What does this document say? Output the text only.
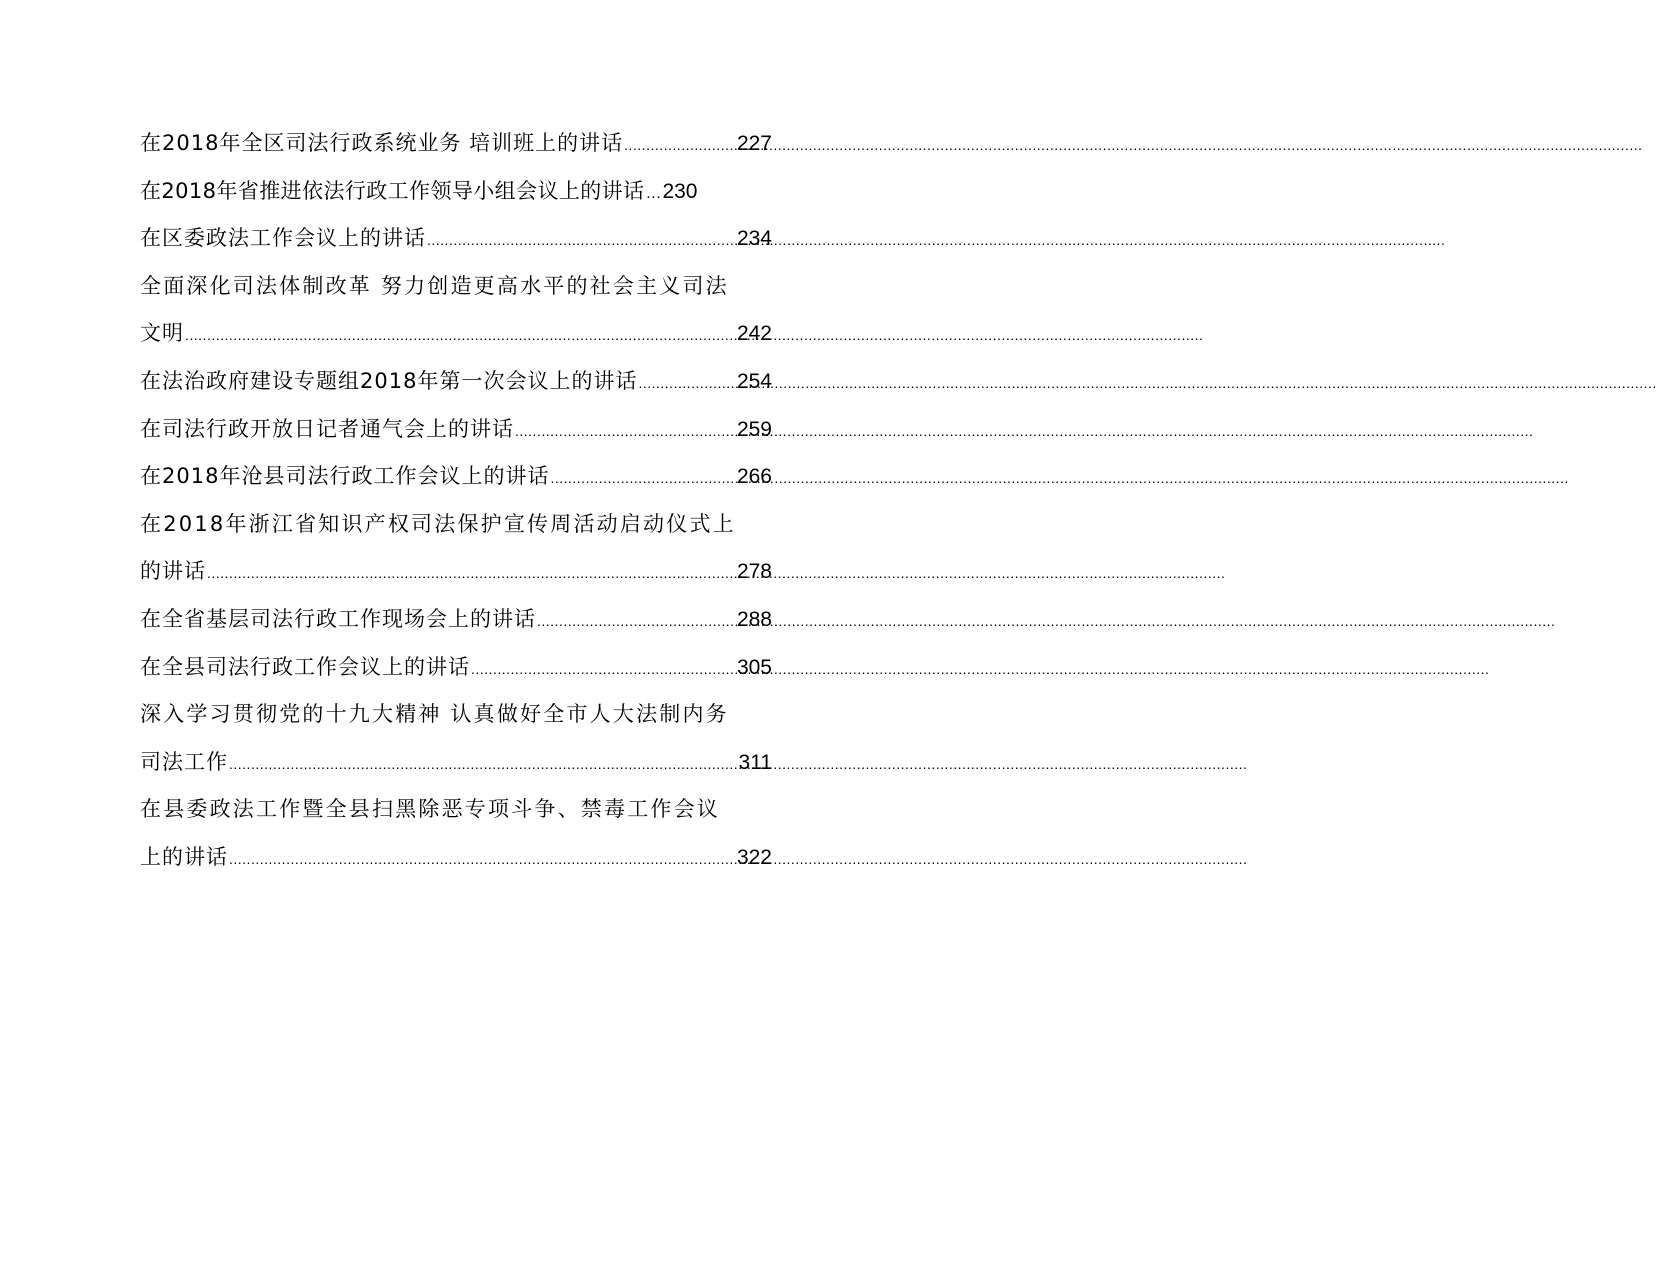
在2018年全区司法行政系统业务 培训班上的讲话 .....	227
在2018年省推进依法行政工作领导小组会议上的讲话 … 230
在区委政法工作会议上的讲话 .....	234
全面深化司法体制改革 努力创造更高水平的社会主义司法
文明 .....	242
在法治政府建设专题组2018年第一次会议上的讲话 .....	254
在司法行政开放日记者通气会上的讲话 .....	259
在2018年沧县司法行政工作会议上的讲话 .....	266
在2018年浙江省知识产权司法保护宣传周活动启动仪式上
的讲话 .....	278
在全省基层司法行政工作现场会上的讲话 .....	288
在全县司法行政工作会议上的讲话 .....	305
深入学习贯彻党的十九大精神 认真做好全市人大法制内务
司法工作 .....	311
在县委政法工作暨全县扫黑除恶专项斗争、禁毒工作会议
上的讲话 .....	322
